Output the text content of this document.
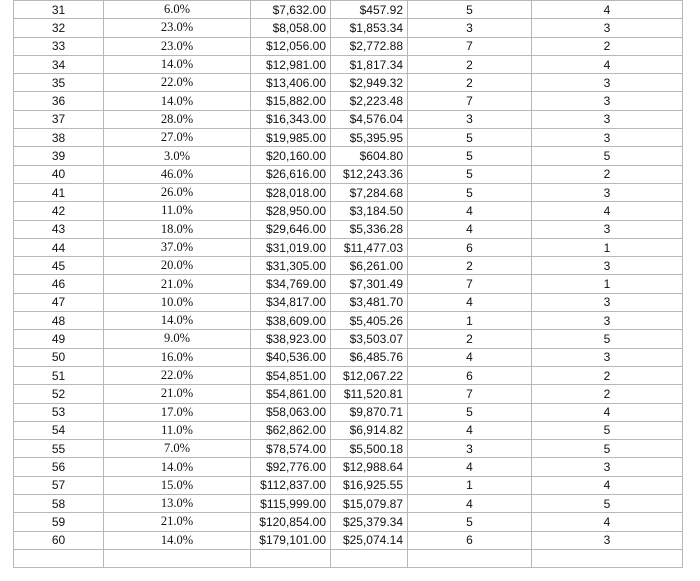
31	6.0%	$7,632.00	$457.92	5	4
32	23.0%	$8,058.00	$1,853.34	3	3
33	23.0%	$12,056.00	$2,772.88	7	2
34	14.0%	$12,981.00	$1,817.34	2	4
35	22.0%	$13,406.00	$2,949.32	2	3
36	14.0%	$15,882.00	$2,223.48	7	3
37	28.0%	$16,343.00	$4,576.04	3	3
38	27.0%	$19,985.00	$5,395.95	5	3
39	3.0%	$20,160.00	$604.80	5	5
40	46.0%	$26,616.00	$12,243.36	5	2
41	26.0%	$28,018.00	$7,284.68	5	3
42	11.0%	$28,950.00	$3,184.50	4	4
43	18.0%	$29,646.00	$5,336.28	4	3
44	37.0%	$31,019.00	$11,477.03	6	1
45	20.0%	$31,305.00	$6,261.00	2	3
46	21.0%	$34,769.00	$7,301.49	7	1
47	10.0%	$34,817.00	$3,481.70	4	3
48	14.0%	$38,609.00	$5,405.26	1	3
49	9.0%	$38,923.00	$3,503.07	2	5
50	16.0%	$40,536.00	$6,485.76	4	3
51	22.0%	$54,851.00	$12,067.22	6	2
52	21.0%	$54,861.00	$11,520.81	7	2
53	17.0%	$58,063.00	$9,870.71	5	4
54	11.0%	$62,862.00	$6,914.82	4	5
55	7.0%	$78,574.00	$5,500.18	3	5
56	14.0%	$92,776.00	$12,988.64	4	3
57	15.0%	$112,837.00	$16,925.55	1	4
58	13.0%	$115,999.00	$15,079.87	4	5
59	21.0%	$120,854.00	$25,379.34	5	4
60	14.0%	$179,101.00	$25,074.14	6	3
